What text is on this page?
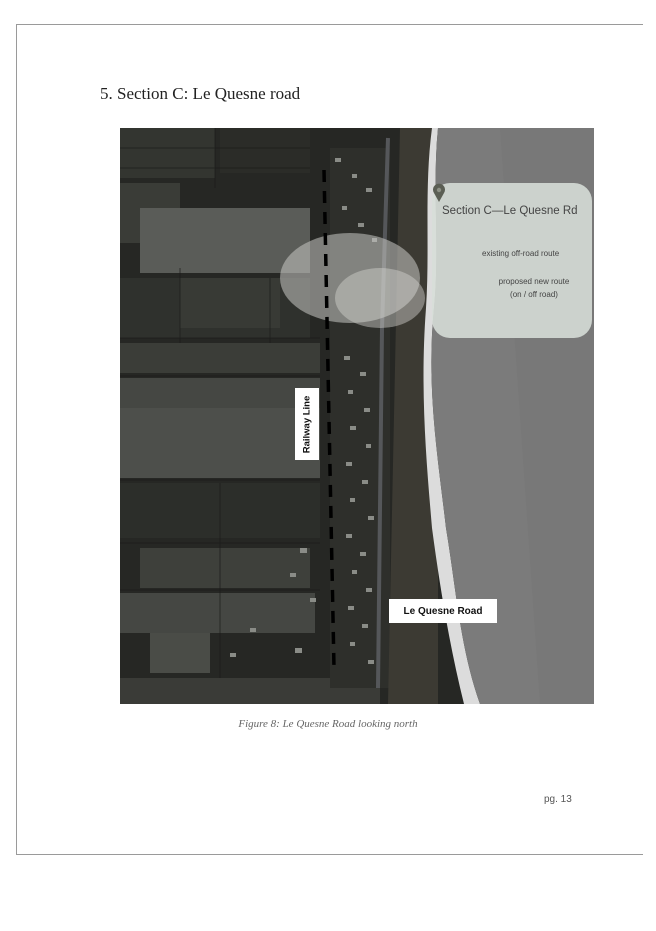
5. Section C: Le Quesne road
Section C—Le Quesne Rd
existing off-road route
proposed new route
(on / off road)
Railway Line
Le Quesne Road
Figure 8: Le Quesne Road looking north
pg. 13
